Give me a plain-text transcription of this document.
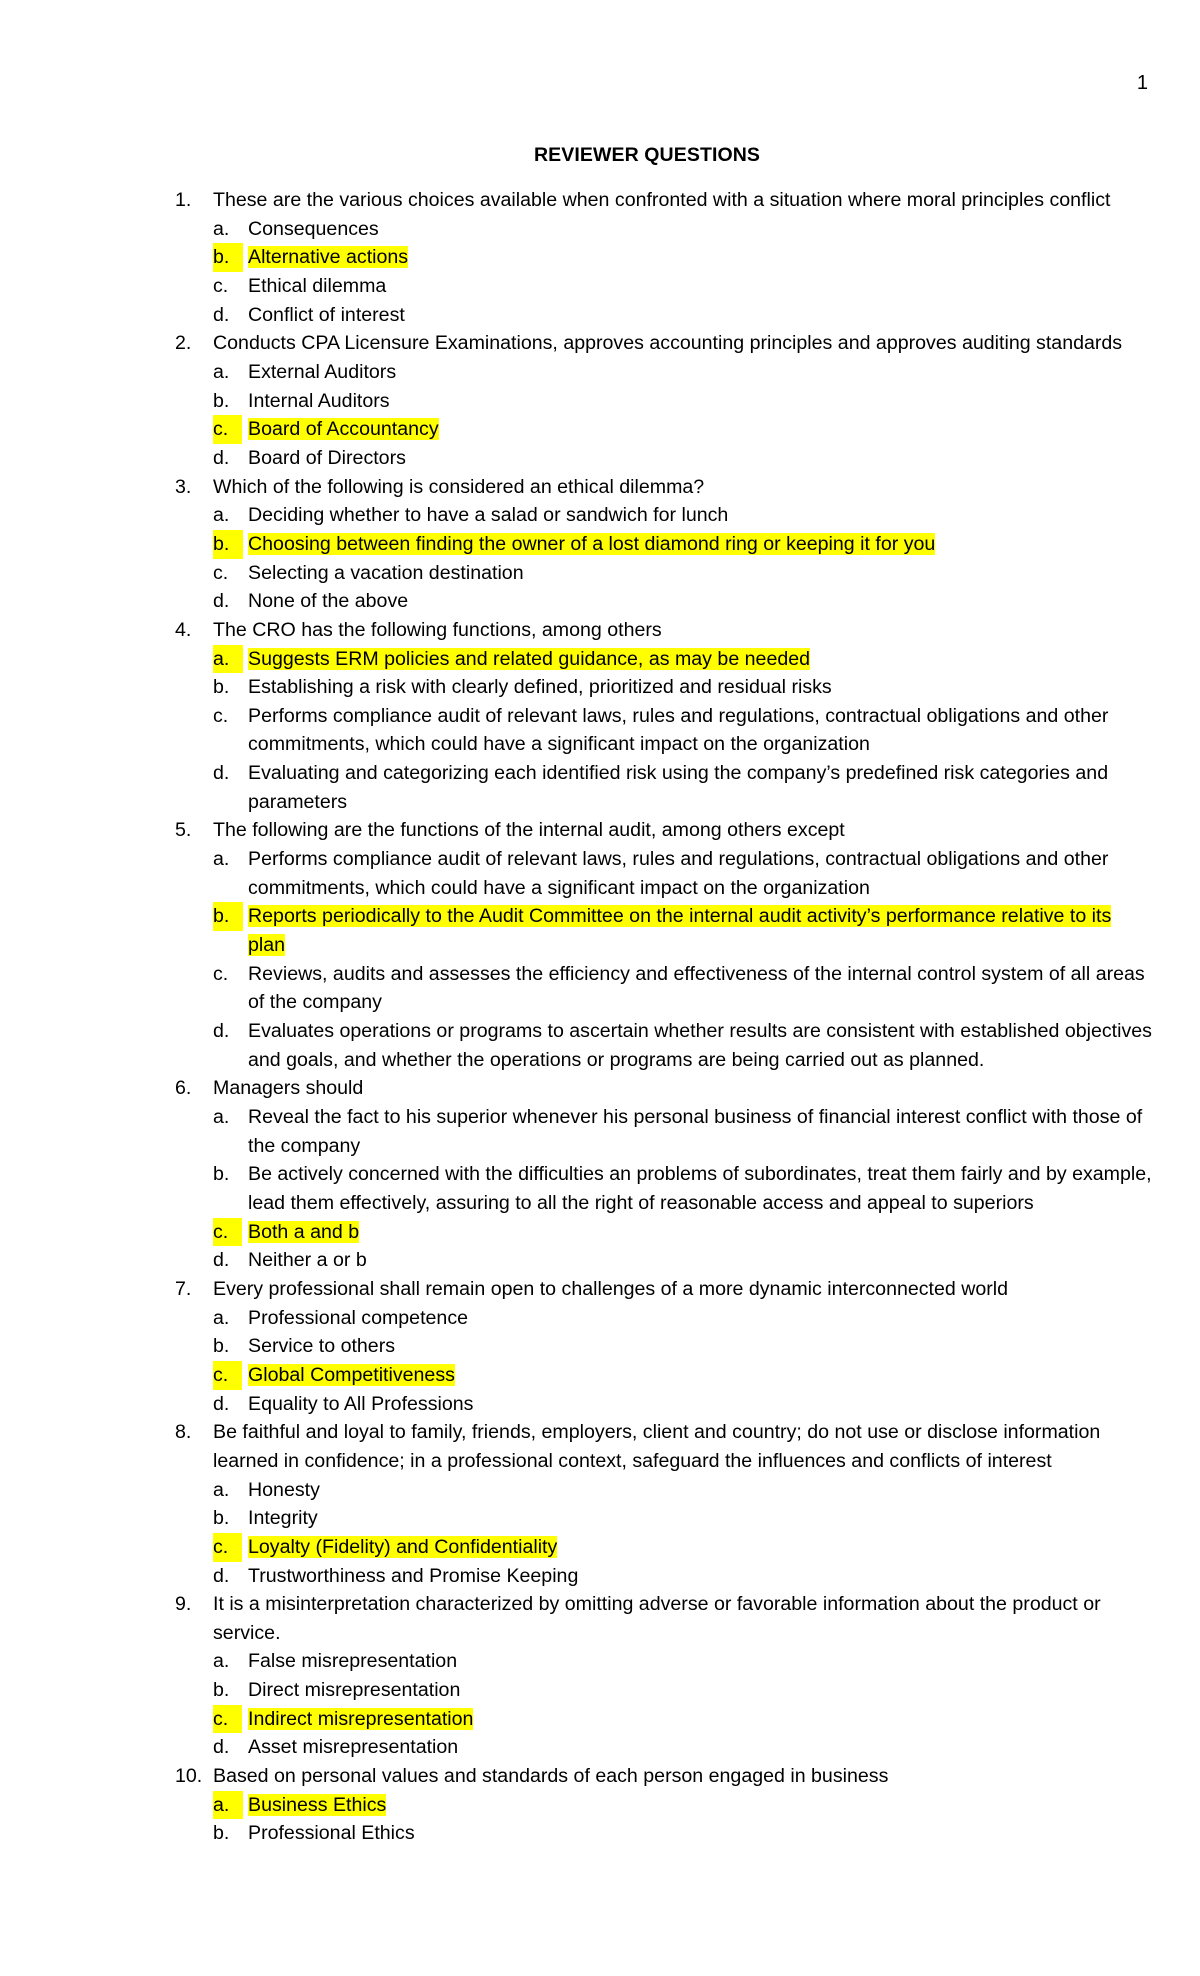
1
REVIEWER QUESTIONS
1.	These are the various choices available when confronted with a situation where moral principles conflict
a. Consequences
b. Alternative actions
c. Ethical dilemma
d. Conflict of interest
2.	Conducts CPA Licensure Examinations, approves accounting principles and approves auditing standards
a. External Auditors
b. Internal Auditors
c.	Board of Accountancy
d. Board of Directors
3.	Which of the following is considered an ethical dilemma?
a. Deciding whether to have a salad or sandwich for lunch
b. Choosing between finding the owner of a lost diamond ring or keeping it for you
c. Selecting a vacation destination
d. None of the above
4.	The CRO has the following functions, among others
a. Suggests ERM policies and related guidance, as may be needed
b. Establishing a risk with clearly defined, prioritized and residual risks
c. Performs compliance audit of relevant laws, rules and regulations, contractual obligations and other commitments, which could have a significant impact on the organization
d. Evaluating and categorizing each identified risk using the company’s predefined risk categories and parameters
5.	The following are the functions of the internal audit, among others except
a. Performs compliance audit of relevant laws, rules and regulations, contractual obligations and other commitments, which could have a significant impact on the organization
b. Reports periodically to the Audit Committee on the internal audit activity’s performance relative to its plan
c. Reviews, audits and assesses the efficiency and effectiveness of the internal control system of all areas of the company
d. Evaluates operations or programs to ascertain whether results are consistent with established objectives and goals, and whether the operations or programs are being carried out as planned.
6.	Managers should
a. Reveal the fact to his superior whenever his personal business of financial interest conflict with those of the company
b. Be actively concerned with the difficulties an problems of subordinates, treat them fairly and by example, lead them effectively, assuring to all the right of reasonable access and appeal to superiors
c.	Both a and b
d. Neither a or b
7.	Every professional shall remain open to challenges of a more dynamic interconnected world
a. Professional competence
b. Service to others
c.	Global Competitiveness
d. Equality to All Professions
8.	Be faithful and loyal to family, friends, employers, client and country; do not use or disclose information learned in confidence; in a professional context, safeguard the influences and conflicts of interest
a. Honesty
b. Integrity
c.	Loyalty (Fidelity) and Confidentiality
d. Trustworthiness and Promise Keeping
9.	It is a misinterpretation characterized by omitting adverse or favorable information about the product or service.
a. False misrepresentation
b. Direct misrepresentation
c.	Indirect misrepresentation
d. Asset misrepresentation
10. Based on personal values and standards of each person engaged in business
a. Business Ethics
b. Professional Ethics
